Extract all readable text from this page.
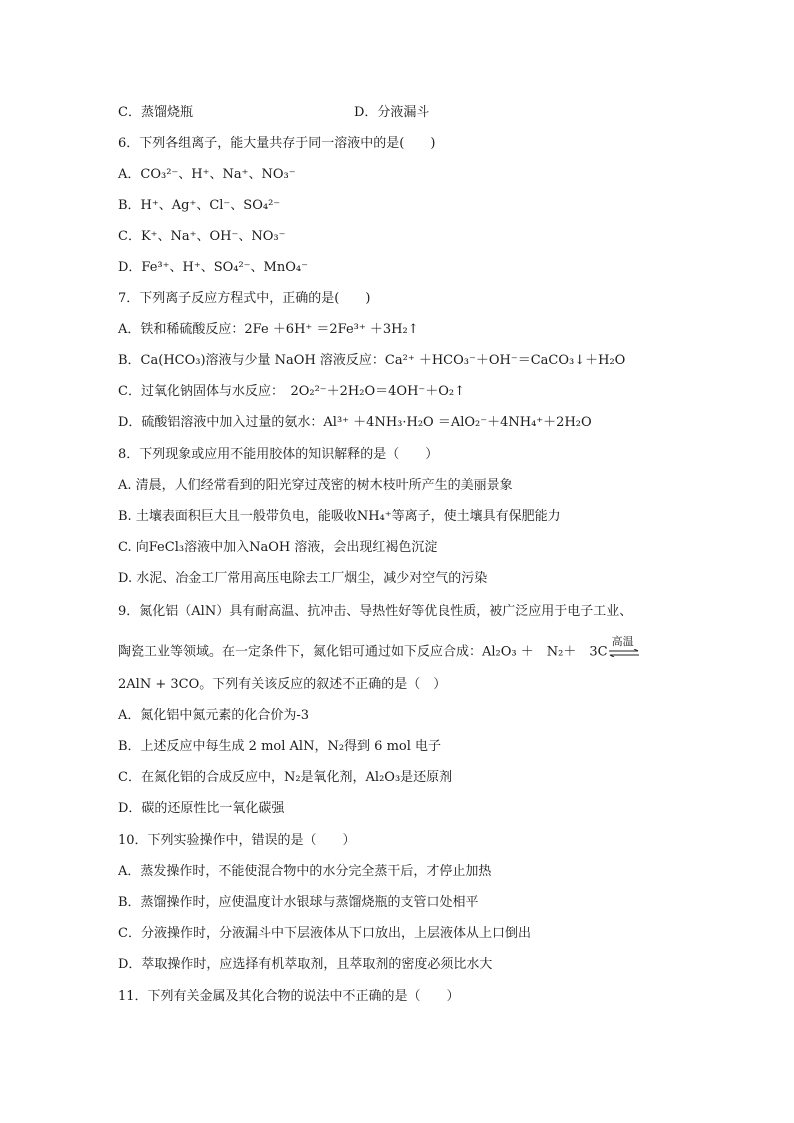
C．蒸馏烧瓶	D．分液漏斗
6．下列各组离子，能大量共存于同一溶液中的是(　　)
A．CO₃²⁻、H⁺、Na⁺、NO₃⁻
B．H⁺、Ag⁺、Cl⁻、SO₄²⁻
C．K⁺、Na⁺、OH⁻、NO₃⁻
D．Fe³⁺、H⁺、SO₄²⁻、MnO₄⁻
7．下列离子反应方程式中，正确的是(　　)
A．铁和稀硫酸反应：2Fe ＋6H⁺ ＝2Fe³⁺ ＋3H₂↑
B．Ca(HCO₃)溶液与少量 NaOH 溶液反应：Ca²⁺ ＋HCO₃⁻＋OH⁻＝CaCO₃↓＋H₂O
C．过氧化钠固体与水反应：　2O₂²⁻＋2H₂O＝4OH⁻＋O₂↑
D．硫酸铝溶液中加入过量的氨水：Al³⁺ ＋4NH₃·H₂O ＝AlO₂⁻＋4NH₄⁺＋2H₂O
8．下列现象或应用不能用胶体的知识解释的是（　　）
A. 清晨，人们经常看到的阳光穿过茂密的树木枝叶所产生的美丽景象
B. 土壤表面积巨大且一般带负电，能吸收NH₄⁺等离子，使土壤具有保肥能力
C. 向FeCl₃溶液中加入NaOH 溶液，会出现红褐色沉淀
D. 水泥、冶金工厂常用高压电除去工厂烟尘，减少对空气的污染
9．氮化铝（AlN）具有耐高温、抗冲击、导热性好等优良性质，被广泛应用于电子工业、
陶瓷工业等领域。在一定条件下，氮化铝可通过如下反应合成：Al₂O₃ ＋　N₂＋　3C
高温
2AlN + 3CO。下列有关该反应的叙述不正确的是（　）
A．氮化铝中氮元素的化合价为-3
B．上述反应中每生成 2 mol AlN，N₂得到 6 mol 电子
C．在氮化铝的合成反应中，N₂是氧化剂，Al₂O₃是还原剂
D．碳的还原性比一氧化碳强
10．下列实验操作中，错误的是（　　）
A．蒸发操作时，不能使混合物中的水分完全蒸干后，才停止加热
B．蒸馏操作时，应使温度计水银球与蒸馏烧瓶的支管口处相平
C．分液操作时，分液漏斗中下层液体从下口放出，上层液体从上口倒出
D．萃取操作时，应选择有机萃取剂，且萃取剂的密度必须比水大
11．下列有关金属及其化合物的说法中不正确的是（　　）
